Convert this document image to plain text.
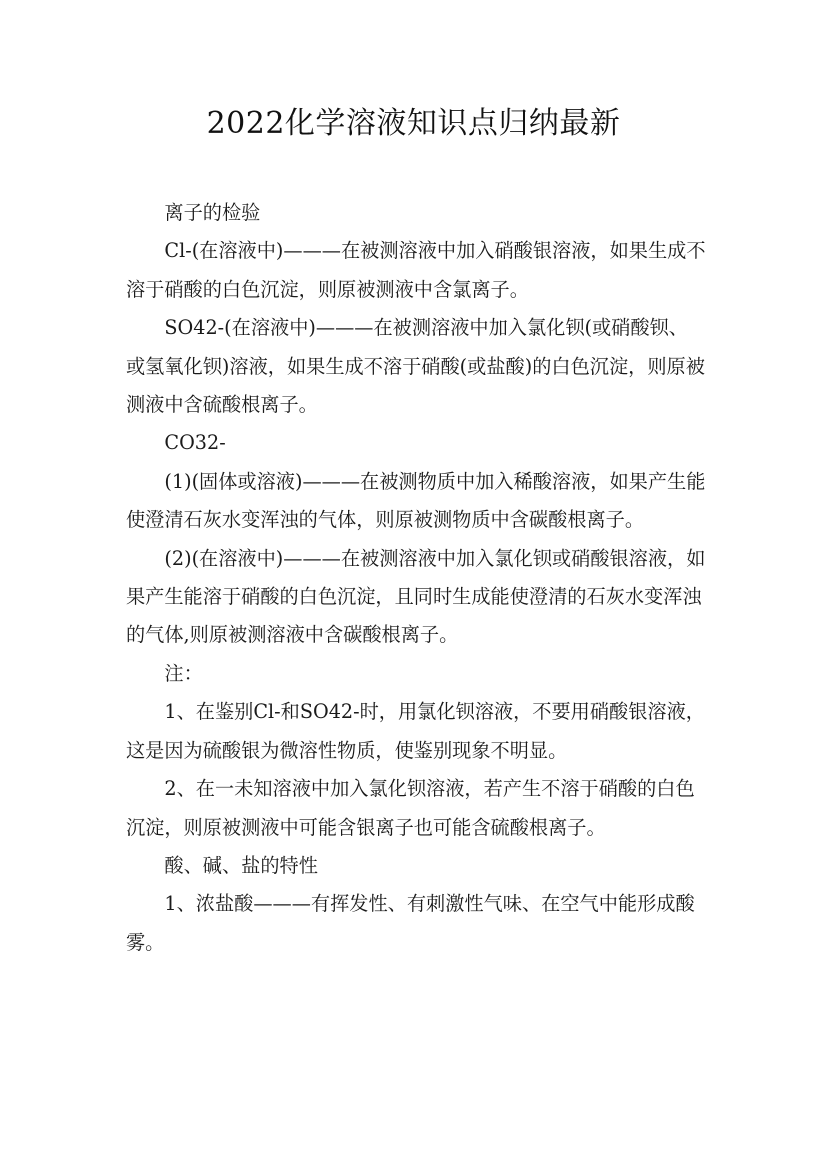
2022化学溶液知识点归纳最新

离子的检验

Cl-(在溶液中)———在被测溶液中加入硝酸银溶液，如果生成不溶于硝酸的白色沉淀，则原被测液中含氯离子。

SO42-(在溶液中)———在被测溶液中加入氯化钡(或硝酸钡、或氢氧化钡)溶液，如果生成不溶于硝酸(或盐酸)的白色沉淀，则原被测液中含硫酸根离子。

CO32-

(1)(固体或溶液)———在被测物质中加入稀酸溶液，如果产生能使澄清石灰水变浑浊的气体，则原被测物质中含碳酸根离子。

(2)(在溶液中)———在被测溶液中加入氯化钡或硝酸银溶液，如果产生能溶于硝酸的白色沉淀，且同时生成能使澄清的石灰水变浑浊的气体,则原被测溶液中含碳酸根离子。

注：

1、在鉴别Cl-和SO42-时，用氯化钡溶液，不要用硝酸银溶液，这是因为硫酸银为微溶性物质，使鉴别现象不明显。

2、在一未知溶液中加入氯化钡溶液，若产生不溶于硝酸的白色沉淀，则原被测液中可能含银离子也可能含硫酸根离子。

酸、碱、盐的特性

1、浓盐酸———有挥发性、有刺激性气味、在空气中能形成酸雾。
